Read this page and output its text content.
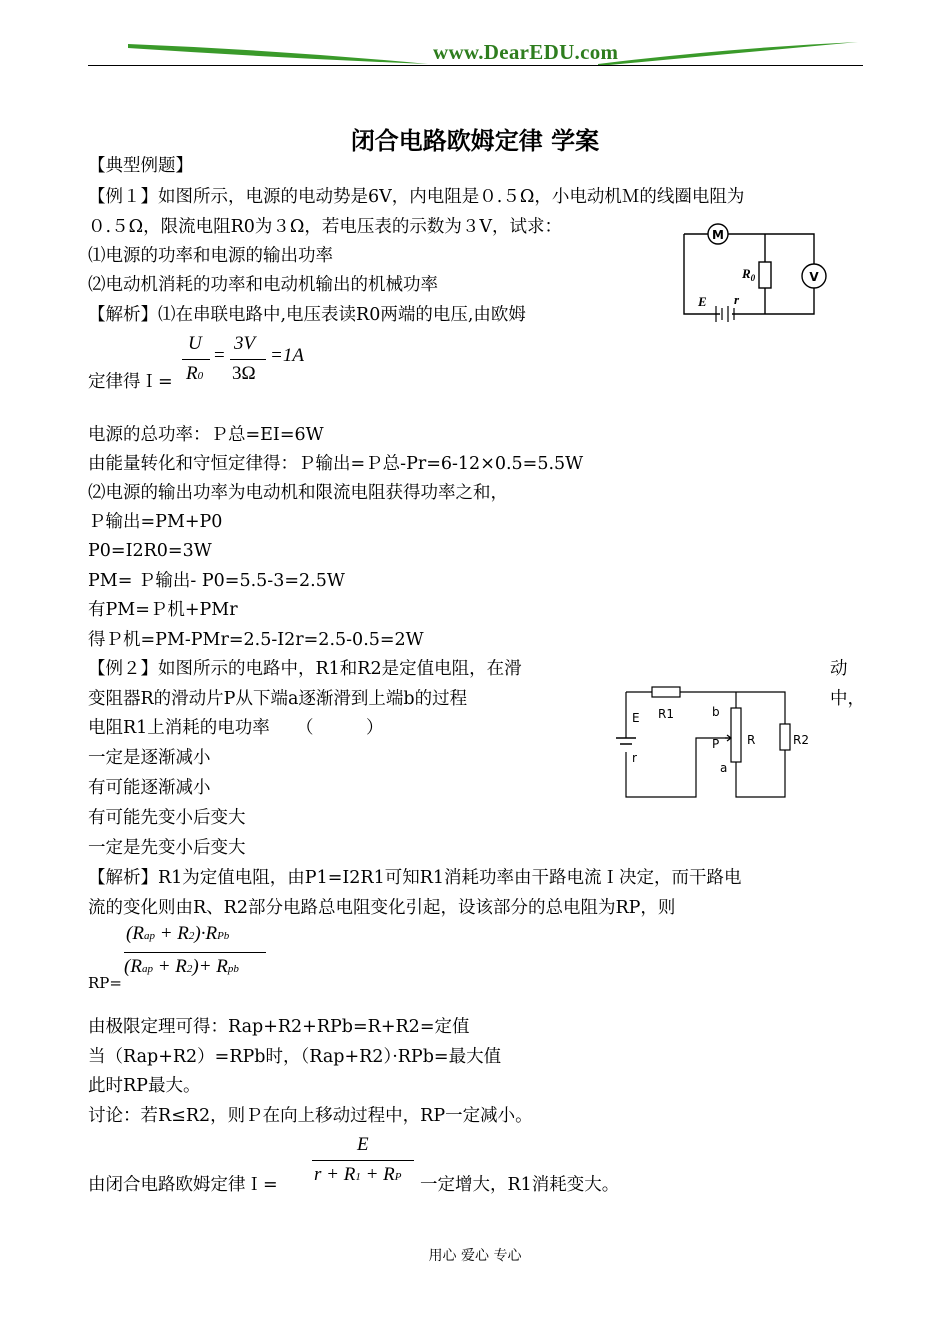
www.DearEDU.com
闭合电路欧姆定律 学案
【典型例题】
【例１】如图所示，电源的电动势是6V，内电阻是０.５Ω，小电动机Ｍ的线圈电阻为
０.５Ω，限流电阻R0为３Ω，若电压表的示数为３V，试求：
⑴电源的功率和电源的输出功率
⑵电动机消耗的功率和电动机输出的机械功率
【解析】⑴在串联电路中,电压表读R0两端的电压,由欧姆
U
R0
=
3V
3Ω
=1A
定律得Ｉ=
电源的总功率：Ｐ总=EI=6W
由能量转化和守恒定律得：Ｐ输出=Ｐ总-Pr=6-12×0.5=5.5W
⑵电源的输出功率为电动机和限流电阻获得功率之和，
Ｐ输出=PM+P0
P0=I2R0=3W
PM= Ｐ输出- P0=5.5-3=2.5W
有PM=Ｐ机+PMr
得Ｐ机=PM-PMr=2.5-I2r=2.5-0.5=2W
【例２】如图所示的电路中，R1和R2是定值电阻，在滑	动
变阻器R的滑动片P从下端a逐渐滑到上端b的过程	中，
电阻R1上消耗的电功率　　（　　　）
一定是逐渐减小
有可能逐渐减小
有可能先变小后变大
一定是先变小后变大
【解析】R1为定值电阻，由P1=I2R1可知R1消耗功率由干路电流Ｉ决定，而干路电
流的变化则由R、R2部分电路总电阻变化引起，设该部分的总电阻为RP，则
(Rap + R2)·RPb
(Rap + R2)+ Rpb
RP=
由极限定理可得：Rap+R2+RPb=R+R2=定值
当（Rap+R2）=RPb时，（Rap+R2）·RPb=最大值
此时RP最大。
讨论：若R≤R2，则Ｐ在向上移动过程中，RP一定减小。
E
r + R1 + RP
由闭合电路欧姆定律Ｉ=	一定增大，R1消耗变大。
M
V
$R_0$
E r
E
r
R1	b
P
a
R	R2
用心 爱心 专心
